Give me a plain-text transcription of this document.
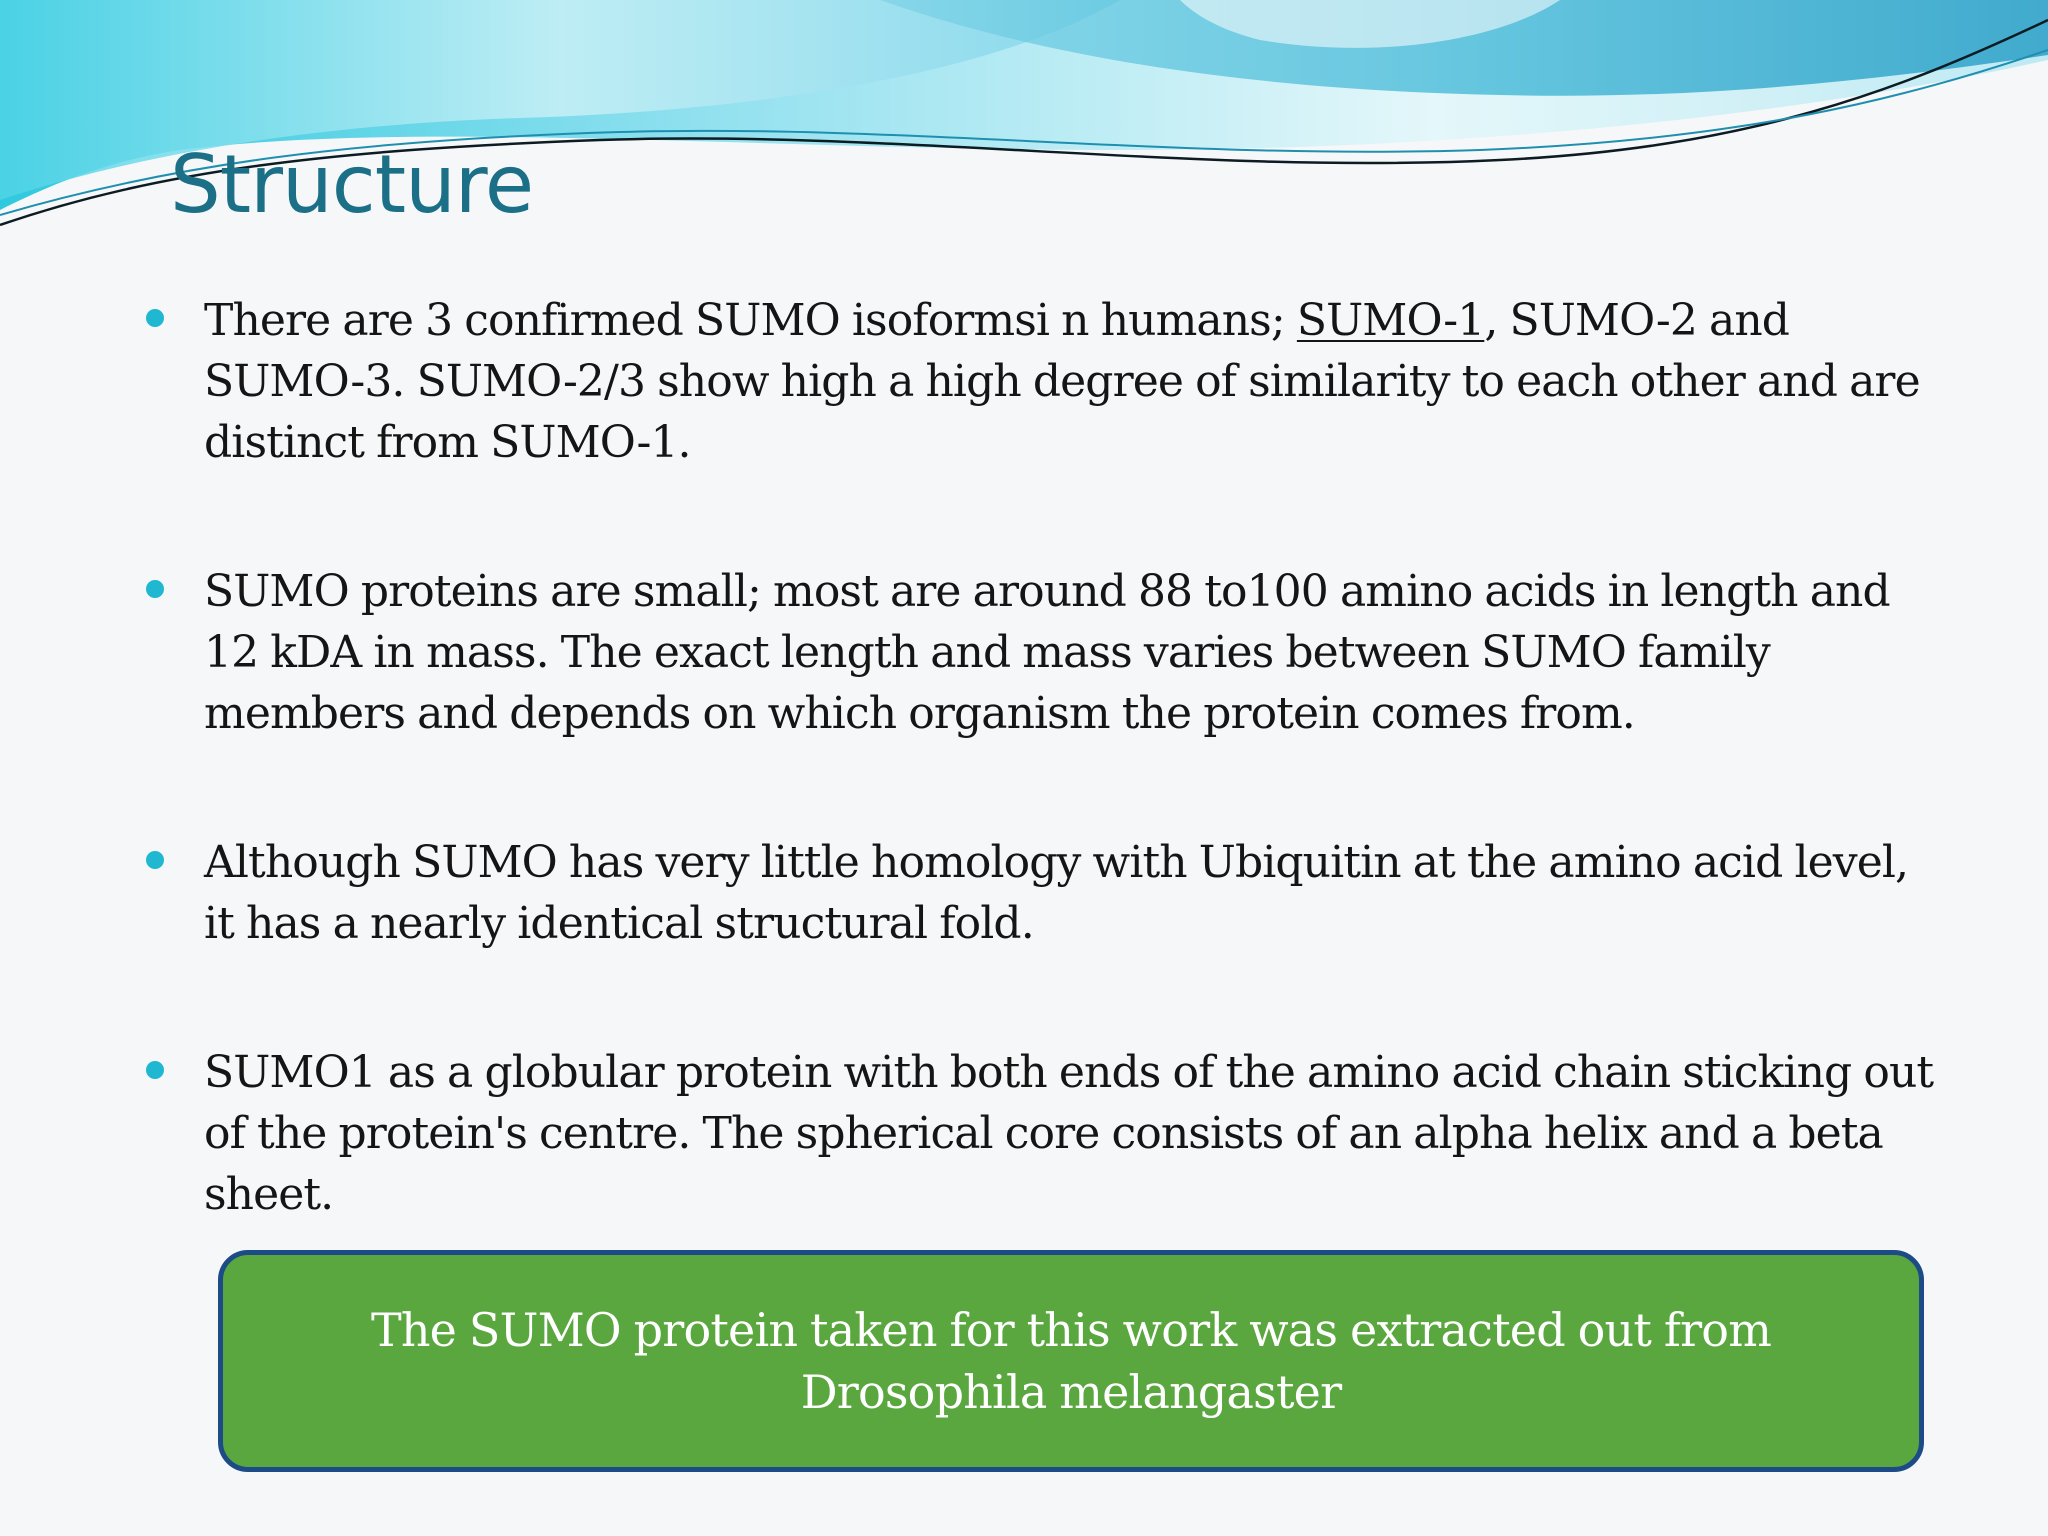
Structure
There are 3 confirmed SUMO isoformsi n humans; SUMO-1, SUMO-2 and SUMO-3. SUMO-2/3 show high a high degree of similarity to each other and are distinct from SUMO-1.
SUMO proteins are small; most are around 88 to100 amino acids in length and 12 kDA in mass. The exact length and mass varies between SUMO family members and depends on which organism the protein comes from.
Although SUMO has very little homology with Ubiquitin at the amino acid level, it has a nearly identical structural fold.
SUMO1 as a globular protein with both ends of the amino acid chain sticking out of the protein's centre. The spherical core consists of an alpha helix and a beta sheet.
The SUMO protein taken for this work was extracted out from Drosophila melangaster
